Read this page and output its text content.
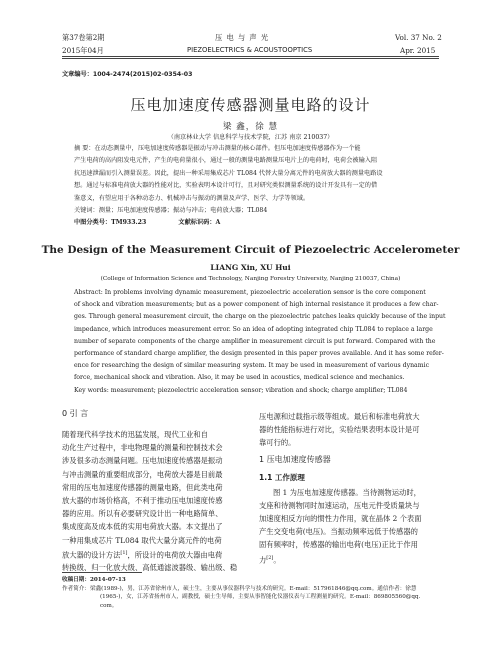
第37卷第2期	压 电 与 声 光	Vol. 37 No. 2
2015年04月	PIEZOELECTRICS & ACOUSTOOPTICS	Apr. 2015
文章编号：1004-2474(2015)02-0354-03
压电加速度传感器测量电路的设计
梁 鑫，徐 慧
（南京林业大学 信息科学与技术学院，江苏 南京 210037）
摘 要：在动态测量中，压电加速度传感器是振动与冲击测量的核心部件。但压电加速度传感器作为一个能
产生电荷的高内阻发电元件，产生的电荷量很小，通过一般的测量电路测量压电片上的电荷时，电荷会被输入阻
抗迅速泄漏而引入测量误差。因此，提出一种采用集成芯片 TL084 代替大量分离元件的电荷放大器的测量电路设
想。通过与标准电荷放大器的性能对比，实验表明本设计可行，且对研究类似测量系统的设计开发具有一定的借
鉴意义，有望应用于各种动态力、机械冲击与振动的测量及声学、医学、力学等领域。
关键词：测量；压电加速度传感器；振动与冲击；电荷放大器；TL084
中图分类号：TM933.23	文献标识码：A
The Design of the Measurement Circuit of Piezoelectric Accelerometer
LIANG Xin, XU Hui
(College of Information Science and Technology, Nanjing Forestry University, Nanjing 210037, China)
Abstract: In problems involving dynamic measurement, piezoelectric acceleration sensor is the core component
of shock and vibration measurements; but as a power component of high internal resistance it produces a few char-
ges. Through general measurement circuit, the charge on the piezoelectric patches leaks quickly because of the input
impedance, which introduces measurement error. So an idea of adopting integrated chip TL084 to replace a large
number of separate components of the charge amplifier in measurement circuit is put forward. Compared with the
performance of standard charge amplifier, the design presented in this paper proves available. And it has some refer-
ence for researching the design of similar measuring system. It may be used in measurement of various dynamic
force, mechanical shock and vibration. Also, it may be used in acoustics, medical science and mechanics.
Key words: measurement; piezoelectric acceleration sensor; vibration and shock; charge amplifier; TL084
0 引 言
随着现代科学技术的迅猛发展，现代工业和自
动化生产过程中，非电物理量的测量和控制技术会
涉及很多动态测量问题。压电加速度传感器是振动
与冲击测量的重要组成部分，电荷放大器是目前最
常用的压电加速度传感器的测量电路，但此类电荷
放大器的市场价格高，不利于推动压电加速度传感
器的应用。所以有必要研究设计出一种电路简单、
集成度高及成本低的实用电荷放大器。本文提出了
一种用集成芯片 TL084 取代大量分离元件的电荷
放大器的设计方法[1]，所设计的电荷放大器由电荷
转换级、归一化放大级、高低通滤波器级、输出级、稳
压电源和过载指示级等组成。最后和标准电荷放大
器的性能指标进行对比，实验结果表明本设计是可
靠可行的。
1 压电加速度传感器
1.1 工作原理
图 1 为压电加速度传感器。当待测物运动时，
支座和待测物同时加速运动，压电元件受质量块与
加速度相反方向的惯性力作用，就在晶体 2 个表面
产生交变电荷(电压)。当振动频率远低于传感器的
固有频率时，传感器的输出电荷(电压)正比于作用
力[2]。
收稿日期：2014-07-13
作者简介：梁鑫(1989-)，男，江苏省徐州市人，硕士生，主要从事仪器科学与技术的研究。E-mail：517961846@qq.com。通信作者：徐慧
(1965-)，女，江苏省扬州市人，副教授，硕士生导师，主要从事智能化仪器仪表与工程测量的研究。E-mail：869805560@qq.
com。
